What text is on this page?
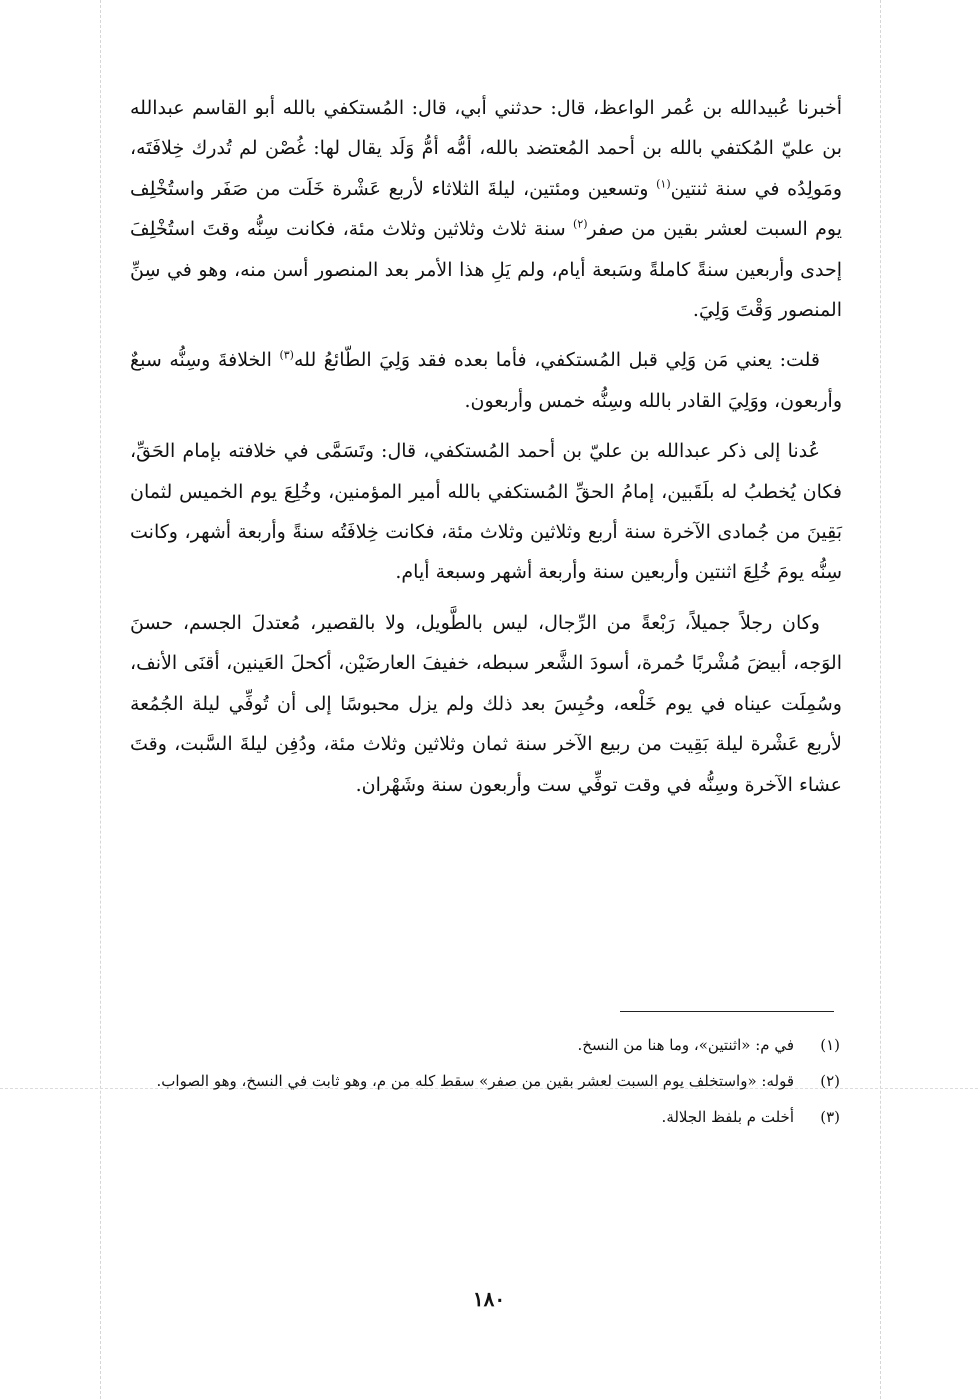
أخبرنا عُبيدالله بن عُمر الواعظ، قال: حدثني أبي، قال: المُستكفي بالله أبو القاسم عبدالله بن عليّ المُكتفي بالله بن أحمد المُعتضد بالله، أمُّه أمُّ وَلَد يقال لها: غُصْن لم تُدرك خِلافَتَه، ومَولِدُه في سنة ثنتين$^{(١)}$ وتسعين ومئتين، ليلةَ الثلاثاء لأربع عَشْرة خَلَت من صَفَر واستُخْلِف يوم السبت لعشر بقين من صفر$^{(٢)}$ سنة ثلاث وثلاثين وثلاث مئة، فكانت سِنُّه وقتَ استُخْلِفَ إحدى وأربعين سنةً كاملةً وسَبعة أيام، ولم يَلِ هذا الأمر بعد المنصور أسن منه، وهو في سِنِّ المنصور وَقْتَ وَلِيَ.

قلت: يعني مَن وَلِي قبل المُستكفي، فأما بعده فقد وَلِيَ الطّائعُ لله$^{(٣)}$ الخلافةَ وسِنُّه سبعٌ وأربعون، ووَلِيَ القادر بالله وسِنُّه خمس وأربعون.

عُدنا إلى ذكر عبدالله بن عليّ بن أحمد المُستكفي، قال: وتَسَمَّى في خلافته بإمام الحَقِّ، فكان يُخطبُ له بلَقَبين، إمامُ الحقِّ المُستكفي بالله أمير المؤمنين، وخُلِعَ يوم الخميس لثمان بَقِينَ من جُمادى الآخرة سنة أربع وثلاثين وثلاث مئة، فكانت خِلافَتُه سنةً وأربعة أشهر، وكانت سِنُّه يومَ خُلِعَ اثنتين وأربعين سنة وأربعة أشهر وسبعة أيام.

وكان رجلاً جميلاً، رَبْعةً من الرِّجال، ليس بالطَّويل، ولا بالقصير، مُعتدلَ الجسم، حسنَ الوَجه، أبيضَ مُشْربًا حُمرة، أسودَ الشَّعر سبطه، خفيفَ العارضَيْن، أكحلَ العَينين، أقنَى الأنف، وسُمِلَت عيناه في يوم خَلْعه، وحُبِسَ بعد ذلك ولم يزل محبوسًا إلى أن تُوفِّي ليلة الجُمُعة لأربع عَشْرة ليلة بَقِيت من ربيع الآخر سنة ثمان وثلاثين وثلاث مئة، ودُفِن ليلةَ السَّبت، وقتَ عشاء الآخرة وسِنُّه في وقت توفِّي ست وأربعون سنة وشَهْران.

(١)
في م: «اثنتين»، وما هنا من النسخ.
(٢)
قوله: «واستخلف يوم السبت لعشر بقين من صفر» سقط كله من م، وهو ثابت في النسخ، وهو الصواب.
(٣)
أخلت م بلفظ الجلالة.
١٨٠
